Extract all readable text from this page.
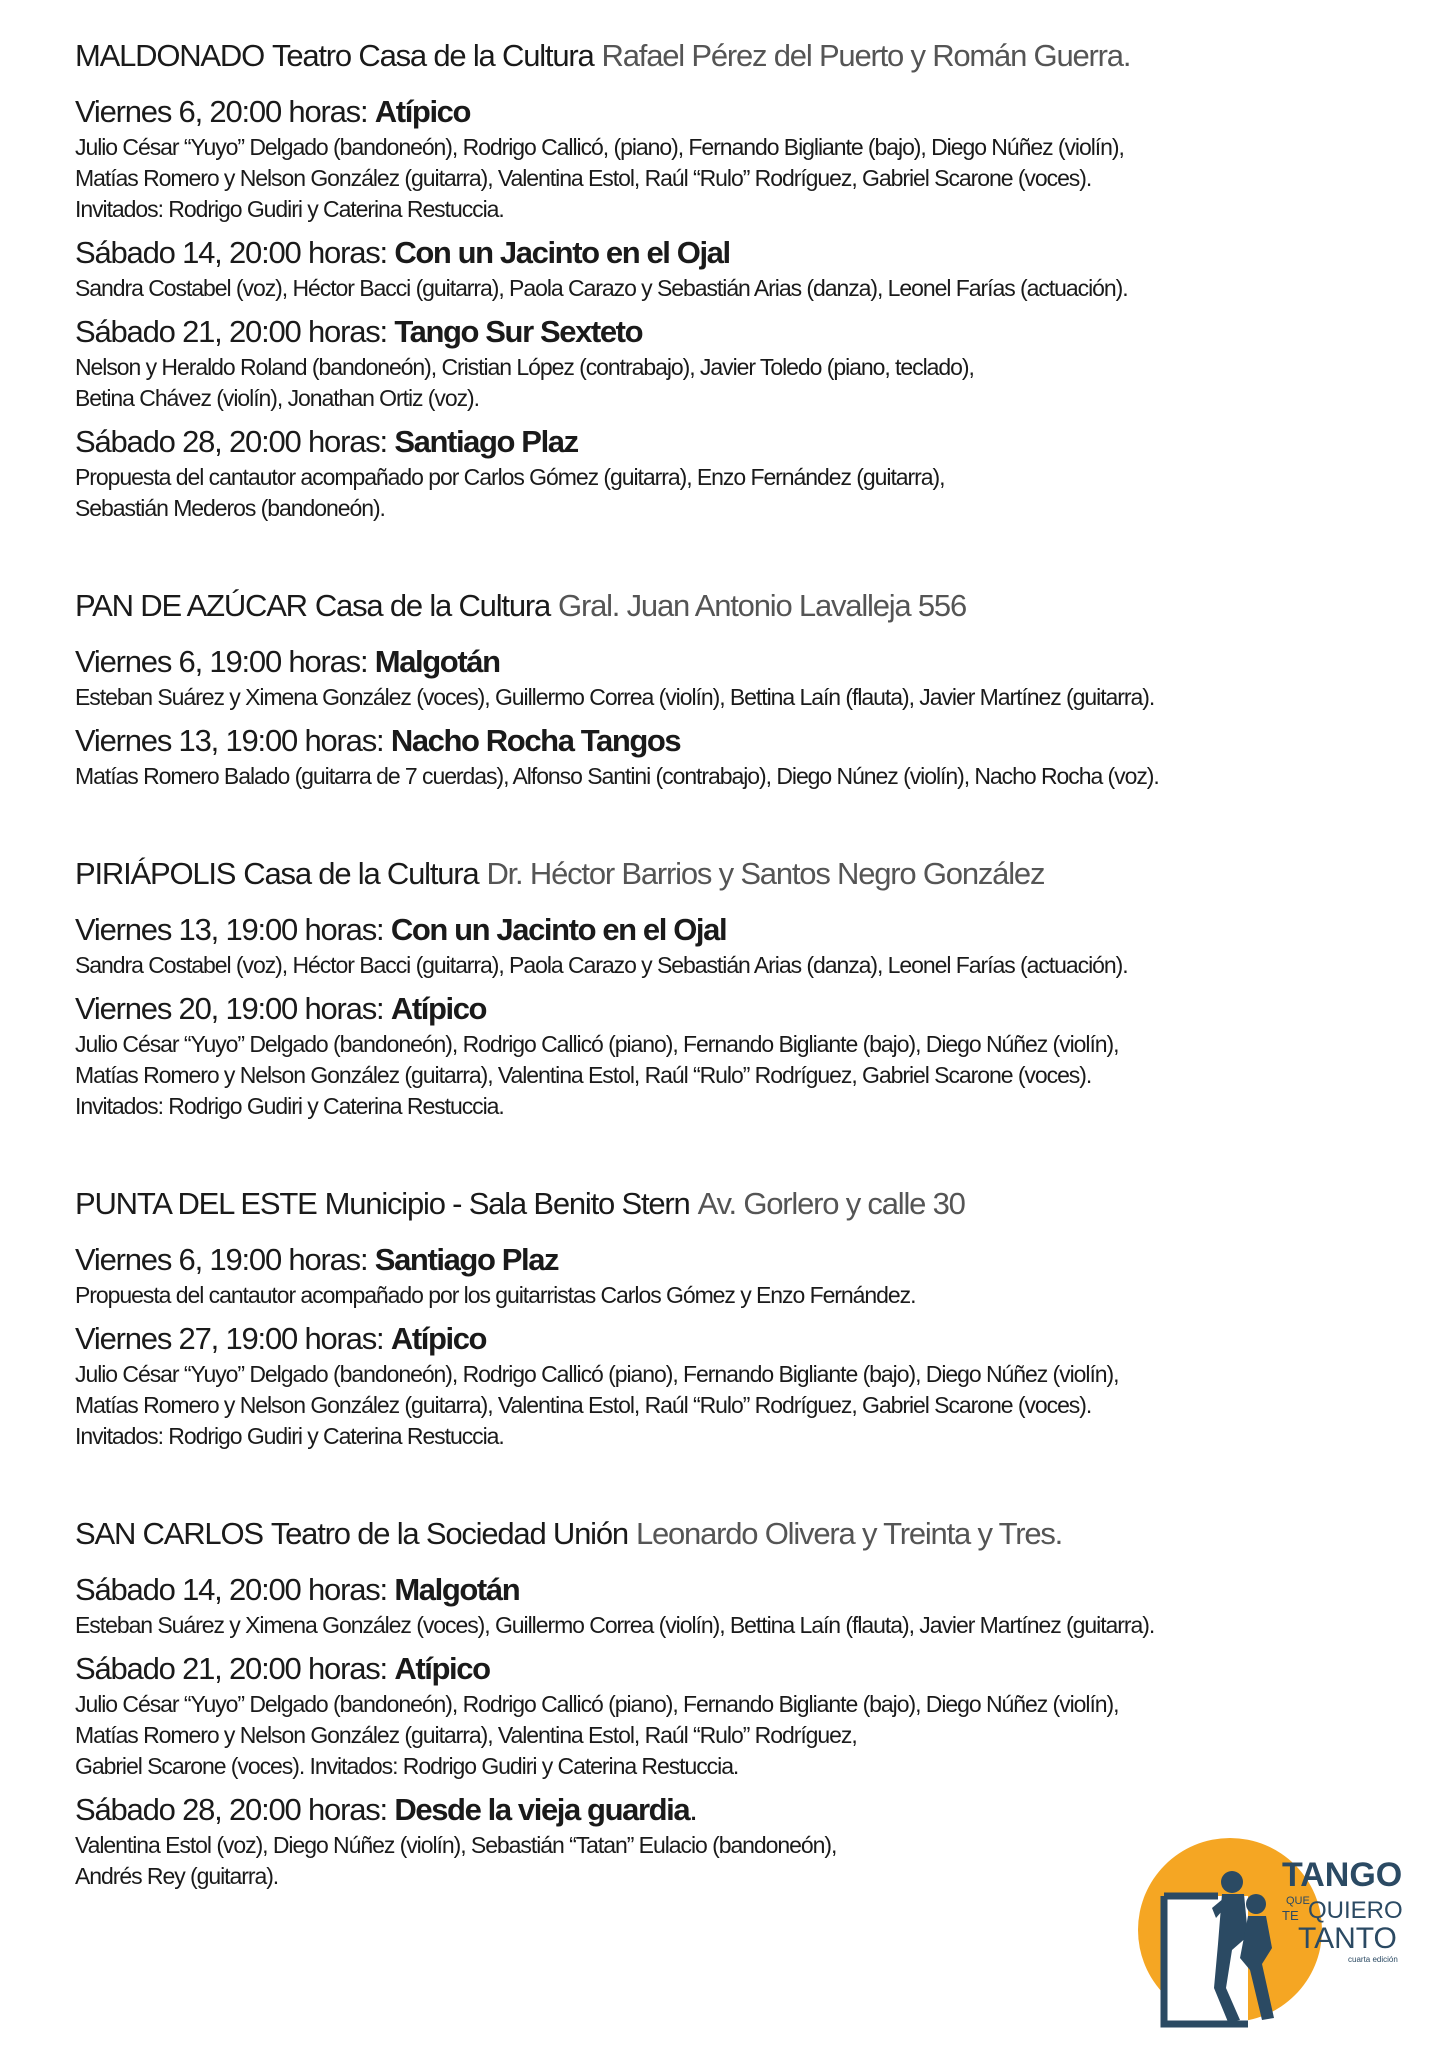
MALDONADO Teatro Casa de la Cultura Rafael Pérez del Puerto y Román Guerra.
Viernes 6, 20:00 horas: Atípico
Julio César “Yuyo” Delgado (bandoneón), Rodrigo Callicó, (piano), Fernando Bigliante (bajo), Diego Núñez (violín),
Matías Romero y Nelson González (guitarra), Valentina Estol, Raúl “Rulo” Rodríguez, Gabriel Scarone (voces).
Invitados: Rodrigo Gudiri y Caterina Restuccia.
Sábado 14, 20:00 horas: Con un Jacinto en el Ojal
Sandra Costabel (voz), Héctor Bacci (guitarra), Paola Carazo y Sebastián Arias (danza), Leonel Farías (actuación).
Sábado 21, 20:00 horas: Tango Sur Sexteto
Nelson y Heraldo Roland (bandoneón), Cristian López (contrabajo), Javier Toledo (piano, teclado),
Betina Chávez (violín), Jonathan Ortiz (voz).
Sábado 28, 20:00 horas: Santiago Plaz
Propuesta del cantautor acompañado por Carlos Gómez (guitarra), Enzo Fernández (guitarra),
Sebastián Mederos (bandoneón).
PAN DE AZÚCAR Casa de la Cultura Gral. Juan Antonio Lavalleja 556
Viernes 6, 19:00 horas: Malgotán
Esteban Suárez y Ximena González (voces), Guillermo Correa (violín), Bettina Laín (flauta), Javier Martínez (guitarra).
Viernes 13, 19:00 horas: Nacho Rocha Tangos
Matías Romero Balado (guitarra de 7 cuerdas), Alfonso Santini (contrabajo), Diego Núnez (violín), Nacho Rocha (voz).
PIRIÁPOLIS Casa de la Cultura Dr. Héctor Barrios y Santos Negro González
Viernes 13, 19:00 horas: Con un Jacinto en el Ojal
Sandra Costabel (voz), Héctor Bacci (guitarra), Paola Carazo y Sebastián Arias (danza), Leonel Farías (actuación).
Viernes 20, 19:00 horas: Atípico
Julio César “Yuyo” Delgado (bandoneón), Rodrigo Callicó (piano), Fernando Bigliante (bajo), Diego Núñez (violín),
Matías Romero y Nelson González (guitarra), Valentina Estol, Raúl “Rulo” Rodríguez, Gabriel Scarone (voces).
Invitados: Rodrigo Gudiri y Caterina Restuccia.
PUNTA DEL ESTE Municipio - Sala Benito Stern Av. Gorlero y calle 30
Viernes 6, 19:00 horas: Santiago Plaz
Propuesta del cantautor acompañado por los guitarristas Carlos Gómez y Enzo Fernández.
Viernes 27, 19:00 horas: Atípico
Julio César “Yuyo” Delgado (bandoneón), Rodrigo Callicó (piano), Fernando Bigliante (bajo), Diego Núñez (violín),
Matías Romero y Nelson González (guitarra), Valentina Estol, Raúl “Rulo” Rodríguez, Gabriel Scarone (voces).
Invitados: Rodrigo Gudiri y Caterina Restuccia.
SAN CARLOS Teatro de la Sociedad Unión Leonardo Olivera y Treinta y Tres.
Sábado 14, 20:00 horas: Malgotán
Esteban Suárez y Ximena González (voces), Guillermo Correa (violín), Bettina Laín (flauta), Javier Martínez (guitarra).
Sábado 21, 20:00 horas: Atípico
Julio César “Yuyo” Delgado (bandoneón), Rodrigo Callicó (piano), Fernando Bigliante (bajo), Diego Núñez (violín),
Matías Romero y Nelson González (guitarra), Valentina Estol, Raúl “Rulo” Rodríguez,
Gabriel Scarone (voces). Invitados: Rodrigo Gudiri y Caterina Restuccia.
Sábado 28, 20:00 horas: Desde la vieja guardia.
Valentina Estol (voz), Diego Núñez (violín), Sebastián “Tatan” Eulacio (bandoneón),
Andrés Rey (guitarra).	TANGO
QUE
TE QUIERO
TANTO
cuarta edición
